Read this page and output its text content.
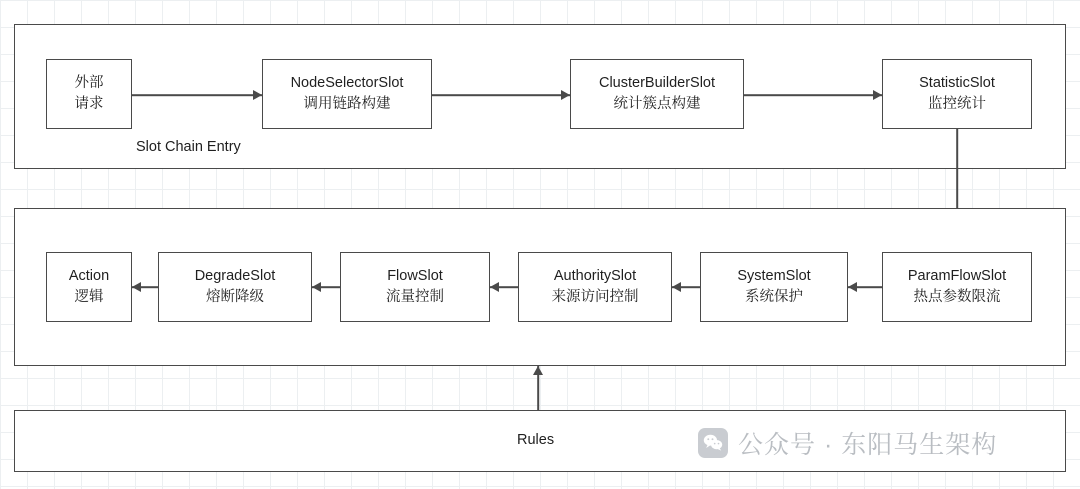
Slot Chain Entry
外部
请求
NodeSelectorSlot
调用链路构建
ClusterBuilderSlot
统计簇点构建
StatisticSlot
监控统计
Action
逻辑
DegradeSlot
熔断降级
FlowSlot
流量控制
AuthoritySlot
来源访问控制
SystemSlot
系统保护
ParamFlowSlot
热点参数限流
Rules	公众号 · 东阳马生架构
